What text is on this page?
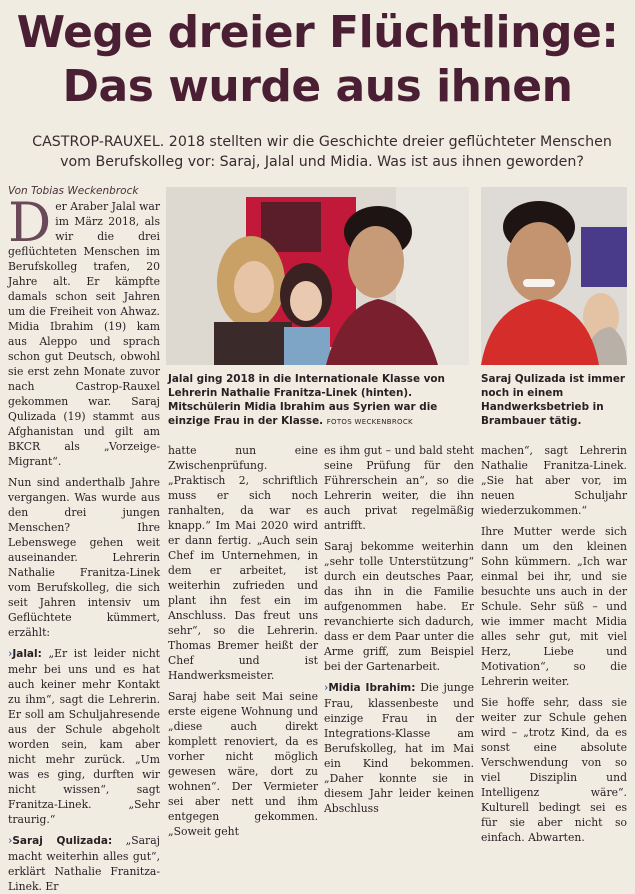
Wege dreier Flüchtlinge:
Das wurde aus ihnen
CASTROP-RAUXEL. 2018 stellten wir die Geschichte dreier geflüchteter Menschen vom Berufskolleg vor: Saraj, Jalal und Midia. Was ist aus ihnen geworden?
Von Tobias Weckenbrock
Jalal ging 2018 in die Internationale Klasse von Lehrerin Nathalie Franitza-Linek (hinten). Mitschülerin Midia Ibrahim aus Syrien war die einzige Frau in der Klasse. FOTOS WECKENBROCK
Saraj Qulizada ist immer noch in einem Handwerksbetrieb in Brambauer tätig.

Der Araber Jalal war im März 2018, als wir die drei geflüchteten Menschen im Berufskolleg trafen, 20 Jahre alt. Er kämpfte damals schon seit Jahren um die Freiheit von Ahwaz. Midia Ibrahim (19) kam aus Aleppo und sprach schon gut Deutsch, obwohl sie erst zehn Monate zuvor nach Castrop-Rauxel gekommen war. Saraj Qulizada (19) stammt aus Afghanistan und gilt am BKCR als „Vorzeige-Migrant“.

Nun sind anderthalb Jahre vergangen. Was wurde aus den drei jungen Menschen? Ihre Lebenswege gehen weit auseinander. Lehrerin Nathalie Franitza-Linek vom Berufskolleg, die sich seit Jahren intensiv um Geflüchtete kümmert, erzählt:

›Jalal: „Er ist leider nicht mehr bei uns und es hat auch keiner mehr Kontakt zu ihm“, sagt die Lehrerin. Er soll am Schuljahresende aus der Schule abgeholt worden sein, kam aber nicht mehr zurück. „Um was es ging, durften wir nicht wissen“, sagt Franitza-Linek. „Sehr traurig.“

›Saraj Qulizada: „Saraj macht weiterhin alles gut“, erklärt Nathalie Franitza-Linek. Er

hatte nun eine Zwischenprüfung. „Praktisch 2, schriftlich muss er sich noch ranhalten, da war es knapp.“ Im Mai 2020 wird er dann fertig. „Auch sein Chef im Unternehmen, in dem er arbeitet, ist weiterhin zufrieden und plant ihn fest ein im Anschluss. Das freut uns sehr“, so die Lehrerin. Thomas Bremer heißt der Chef und ist Handwerksmeister.

Saraj habe seit Mai seine erste eigene Wohnung und „diese auch direkt komplett renoviert, da es vorher nicht möglich gewesen wäre, dort zu wohnen“. Der Vermieter sei aber nett und ihm entgegen gekommen. „Soweit geht

es ihm gut – und bald steht seine Prüfung für den Führerschein an“, so die Lehrerin weiter, die ihn auch privat regelmäßig antrifft.

Saraj bekomme weiterhin „sehr tolle Unterstützung“ durch ein deutsches Paar, das ihn in die Familie aufgenommen habe. Er revanchierte sich dadurch, dass er dem Paar unter die Arme griff, zum Beispiel bei der Gartenarbeit.

›Midia Ibrahim: Die junge Frau, klassenbeste und einzige Frau in der Integrations-Klasse am Berufskolleg, hat im Mai ein Kind bekommen. „Daher konnte sie in diesem Jahr leider keinen Abschluss

machen“, sagt Lehrerin Nathalie Franitza-Linek. „Sie hat aber vor, im neuen Schuljahr wiederzukommen.“

Ihre Mutter werde sich dann um den kleinen Sohn kümmern. „Ich war einmal bei ihr, und sie besuchte uns auch in der Schule. Sehr süß – und wie immer macht Midia alles sehr gut, mit viel Herz, Liebe und Motivation“, so die Lehrerin weiter.

Sie hoffe sehr, dass sie weiter zur Schule gehen wird – „trotz Kind, da es sonst eine absolute Verschwendung von so viel Disziplin und Intelligenz wäre“. Kulturell bedingt sei es für sie aber nicht so einfach. Abwarten.
